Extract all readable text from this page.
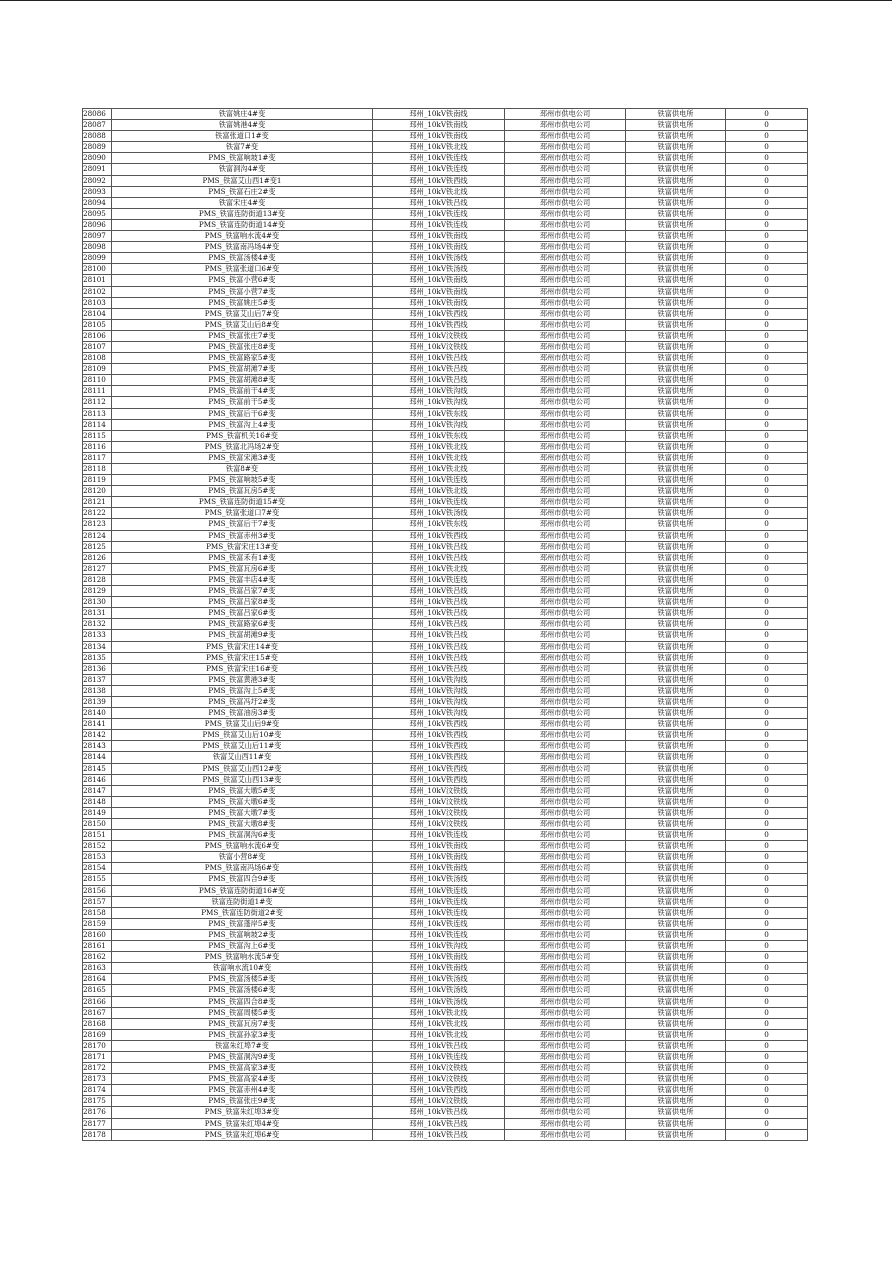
28086	铁富姚庄4#变	邳州_10kV铁南线	邳州市供电公司	铁富供电所	0
28087	铁富姚港4#变	邳州_10kV铁南线	邳州市供电公司	铁富供电所	0
28088	铁富张道口1#变	邳州_10kV铁南线	邳州市供电公司	铁富供电所	0
28089	铁富7#变	邳州_10kV铁北线	邳州市供电公司	铁富供电所	0
28090	PMS_铁富响坡1#变	邳州_10kV铁连线	邳州市供电公司	铁富供电所	0
28091	铁富洞沟4#变	邳州_10kV铁连线	邳州市供电公司	铁富供电所	0
28092	PMS_铁富艾山西1#变1	邳州_10kV铁西线	邳州市供电公司	铁富供电所	0
28093	PMS_铁富石庄2#变	邳州_10kV铁北线	邳州市供电公司	铁富供电所	0
28094	铁富宋庄4#变	邳州_10kV铁吕线	邳州市供电公司	铁富供电所	0
28095	PMS_铁富连防街道13#变	邳州_10kV铁连线	邳州市供电公司	铁富供电所	0
28096	PMS_铁富连防街道14#变	邳州_10kV铁连线	邳州市供电公司	铁富供电所	0
28097	PMS_铁富响水流4#变	邳州_10kV铁南线	邳州市供电公司	铁富供电所	0
28098	PMS_铁富南冯场4#变	邳州_10kV铁南线	邳州市供电公司	铁富供电所	0
28099	PMS_铁富汤楼4#变	邳州_10kV铁汤线	邳州市供电公司	铁富供电所	0
28100	PMS_铁富张道口6#变	邳州_10kV铁汤线	邳州市供电公司	铁富供电所	0
28101	PMS_铁富小营6#变	邳州_10kV铁南线	邳州市供电公司	铁富供电所	0
28102	PMS_铁富小营7#变	邳州_10kV铁南线	邳州市供电公司	铁富供电所	0
28103	PMS_铁富姚庄5#变	邳州_10kV铁南线	邳州市供电公司	铁富供电所	0
28104	PMS_铁富艾山后7#变	邳州_10kV铁西线	邳州市供电公司	铁富供电所	0
28105	PMS_铁富艾山后8#变	邳州_10kV铁西线	邳州市供电公司	铁富供电所	0
28106	PMS_铁富张庄7#变	邳州_10kV汶铁线	邳州市供电公司	铁富供电所	0
28107	PMS_铁富张庄8#变	邳州_10kV汶铁线	邳州市供电公司	铁富供电所	0
28108	PMS_铁富路家5#变	邳州_10kV铁吕线	邳州市供电公司	铁富供电所	0
28109	PMS_铁富胡滩7#变	邳州_10kV铁吕线	邳州市供电公司	铁富供电所	0
28110	PMS_铁富胡滩8#变	邳州_10kV铁吕线	邳州市供电公司	铁富供电所	0
28111	PMS_铁富前干4#变	邳州_10kV铁沟线	邳州市供电公司	铁富供电所	0
28112	PMS_铁富前干5#变	邳州_10kV铁沟线	邳州市供电公司	铁富供电所	0
28113	PMS_铁富后干6#变	邳州_10kV铁东线	邳州市供电公司	铁富供电所	0
28114	PMS_铁富沟上4#变	邳州_10kV铁沟线	邳州市供电公司	铁富供电所	0
28115	PMS_铁富机关16#变	邳州_10kV铁东线	邳州市供电公司	铁富供电所	0
28116	PMS_铁富北冯场2#变	邳州_10kV铁北线	邳州市供电公司	铁富供电所	0
28117	PMS_铁富宋滩3#变	邳州_10kV铁北线	邳州市供电公司	铁富供电所	0
28118	铁富8#变	邳州_10kV铁北线	邳州市供电公司	铁富供电所	0
28119	PMS_铁富响坡5#变	邳州_10kV铁连线	邳州市供电公司	铁富供电所	0
28120	PMS_铁富瓦房5#变	邳州_10kV铁北线	邳州市供电公司	铁富供电所	0
28121	PMS_铁富连防街道15#变	邳州_10kV铁连线	邳州市供电公司	铁富供电所	0
28122	PMS_铁富张道口7#变	邳州_10kV铁汤线	邳州市供电公司	铁富供电所	0
28123	PMS_铁富后干7#变	邳州_10kV铁东线	邳州市供电公司	铁富供电所	0
28124	PMS_铁富赤州3#变	邳州_10kV铁西线	邳州市供电公司	铁富供电所	0
28125	PMS_铁富宋庄13#变	邳州_10kV铁吕线	邳州市供电公司	铁富供电所	0
28126	PMS_铁富禾有1#变	邳州_10kV铁吕线	邳州市供电公司	铁富供电所	0
28127	PMS_铁富瓦房6#变	邳州_10kV铁北线	邳州市供电公司	铁富供电所	0
28128	PMS_铁富丰店4#变	邳州_10kV铁连线	邳州市供电公司	铁富供电所	0
28129	PMS_铁富吕家7#变	邳州_10kV铁吕线	邳州市供电公司	铁富供电所	0
28130	PMS_铁富吕家8#变	邳州_10kV铁吕线	邳州市供电公司	铁富供电所	0
28131	PMS_铁富吕家6#变	邳州_10kV铁吕线	邳州市供电公司	铁富供电所	0
28132	PMS_铁富路家6#变	邳州_10kV铁吕线	邳州市供电公司	铁富供电所	0
28133	PMS_铁富胡滩9#变	邳州_10kV铁吕线	邳州市供电公司	铁富供电所	0
28134	PMS_铁富宋庄14#变	邳州_10kV铁吕线	邳州市供电公司	铁富供电所	0
28135	PMS_铁富宋庄15#变	邳州_10kV铁吕线	邳州市供电公司	铁富供电所	0
28136	PMS_铁富宋庄16#变	邳州_10kV铁吕线	邳州市供电公司	铁富供电所	0
28137	PMS_铁富黄港3#变	邳州_10kV铁沟线	邳州市供电公司	铁富供电所	0
28138	PMS_铁富沟上5#变	邳州_10kV铁沟线	邳州市供电公司	铁富供电所	0
28139	PMS_铁富冯圩2#变	邳州_10kV铁沟线	邳州市供电公司	铁富供电所	0
28140	PMS_铁富油房3#变	邳州_10kV铁沟线	邳州市供电公司	铁富供电所	0
28141	PMS_铁富艾山后9#变	邳州_10kV铁西线	邳州市供电公司	铁富供电所	0
28142	PMS_铁富艾山后10#变	邳州_10kV铁西线	邳州市供电公司	铁富供电所	0
28143	PMS_铁富艾山后11#变	邳州_10kV铁西线	邳州市供电公司	铁富供电所	0
28144	铁富艾山西11#变	邳州_10kV铁西线	邳州市供电公司	铁富供电所	0
28145	PMS_铁富艾山西12#变	邳州_10kV铁西线	邳州市供电公司	铁富供电所	0
28146	PMS_铁富艾山西13#变	邳州_10kV铁西线	邳州市供电公司	铁富供电所	0
28147	PMS_铁富大墩5#变	邳州_10kV汶铁线	邳州市供电公司	铁富供电所	0
28148	PMS_铁富大墩6#变	邳州_10kV汶铁线	邳州市供电公司	铁富供电所	0
28149	PMS_铁富大墩7#变	邳州_10kV汶铁线	邳州市供电公司	铁富供电所	0
28150	PMS_铁富大墩8#变	邳州_10kV汶铁线	邳州市供电公司	铁富供电所	0
28151	PMS_铁富洞沟6#变	邳州_10kV铁连线	邳州市供电公司	铁富供电所	0
28152	PMS_铁富响水流6#变	邳州_10kV铁南线	邳州市供电公司	铁富供电所	0
28153	铁富小营8#变	邳州_10kV铁南线	邳州市供电公司	铁富供电所	0
28154	PMS_铁富南冯场6#变	邳州_10kV铁南线	邳州市供电公司	铁富供电所	0
28155	PMS_铁富四合9#变	邳州_10kV铁汤线	邳州市供电公司	铁富供电所	0
28156	PMS_铁富连防街道16#变	邳州_10kV铁连线	邳州市供电公司	铁富供电所	0
28157	铁富连防街道1#变	邳州_10kV铁连线	邳州市供电公司	铁富供电所	0
28158	PMS_铁富连防街道2#变	邳州_10kV铁连线	邳州市供电公司	铁富供电所	0
28159	PMS_铁富蓬岸5#变	邳州_10kV铁连线	邳州市供电公司	铁富供电所	0
28160	PMS_铁富响坡2#变	邳州_10kV铁连线	邳州市供电公司	铁富供电所	0
28161	PMS_铁富沟上6#变	邳州_10kV铁沟线	邳州市供电公司	铁富供电所	0
28162	PMS_铁富响水流5#变	邳州_10kV铁南线	邳州市供电公司	铁富供电所	0
28163	铁富响水流10#变	邳州_10kV铁南线	邳州市供电公司	铁富供电所	0
28164	PMS_铁富汤楼5#变	邳州_10kV铁汤线	邳州市供电公司	铁富供电所	0
28165	PMS_铁富汤楼6#变	邳州_10kV铁汤线	邳州市供电公司	铁富供电所	0
28166	PMS_铁富四合8#变	邳州_10kV铁汤线	邳州市供电公司	铁富供电所	0
28167	PMS_铁富周楼5#变	邳州_10kV铁北线	邳州市供电公司	铁富供电所	0
28168	PMS_铁富瓦房7#变	邳州_10kV铁北线	邳州市供电公司	铁富供电所	0
28169	PMS_铁富孙家3#变	邳州_10kV铁北线	邳州市供电公司	铁富供电所	0
28170	铁富朱红埠7#变	邳州_10kV铁吕线	邳州市供电公司	铁富供电所	0
28171	PMS_铁富洞沟9#变	邳州_10kV铁连线	邳州市供电公司	铁富供电所	0
28172	PMS_铁富高家3#变	邳州_10kV汶铁线	邳州市供电公司	铁富供电所	0
28173	PMS_铁富高家4#变	邳州_10kV汶铁线	邳州市供电公司	铁富供电所	0
28174	PMS_铁富赤州4#变	邳州_10kV铁西线	邳州市供电公司	铁富供电所	0
28175	PMS_铁富张庄9#变	邳州_10kV汶铁线	邳州市供电公司	铁富供电所	0
28176	PMS_铁富朱红埠3#变	邳州_10kV铁吕线	邳州市供电公司	铁富供电所	0
28177	PMS_铁富朱红埠4#变	邳州_10kV铁吕线	邳州市供电公司	铁富供电所	0
28178	PMS_铁富朱红埠6#变	邳州_10kV铁吕线	邳州市供电公司	铁富供电所	0
